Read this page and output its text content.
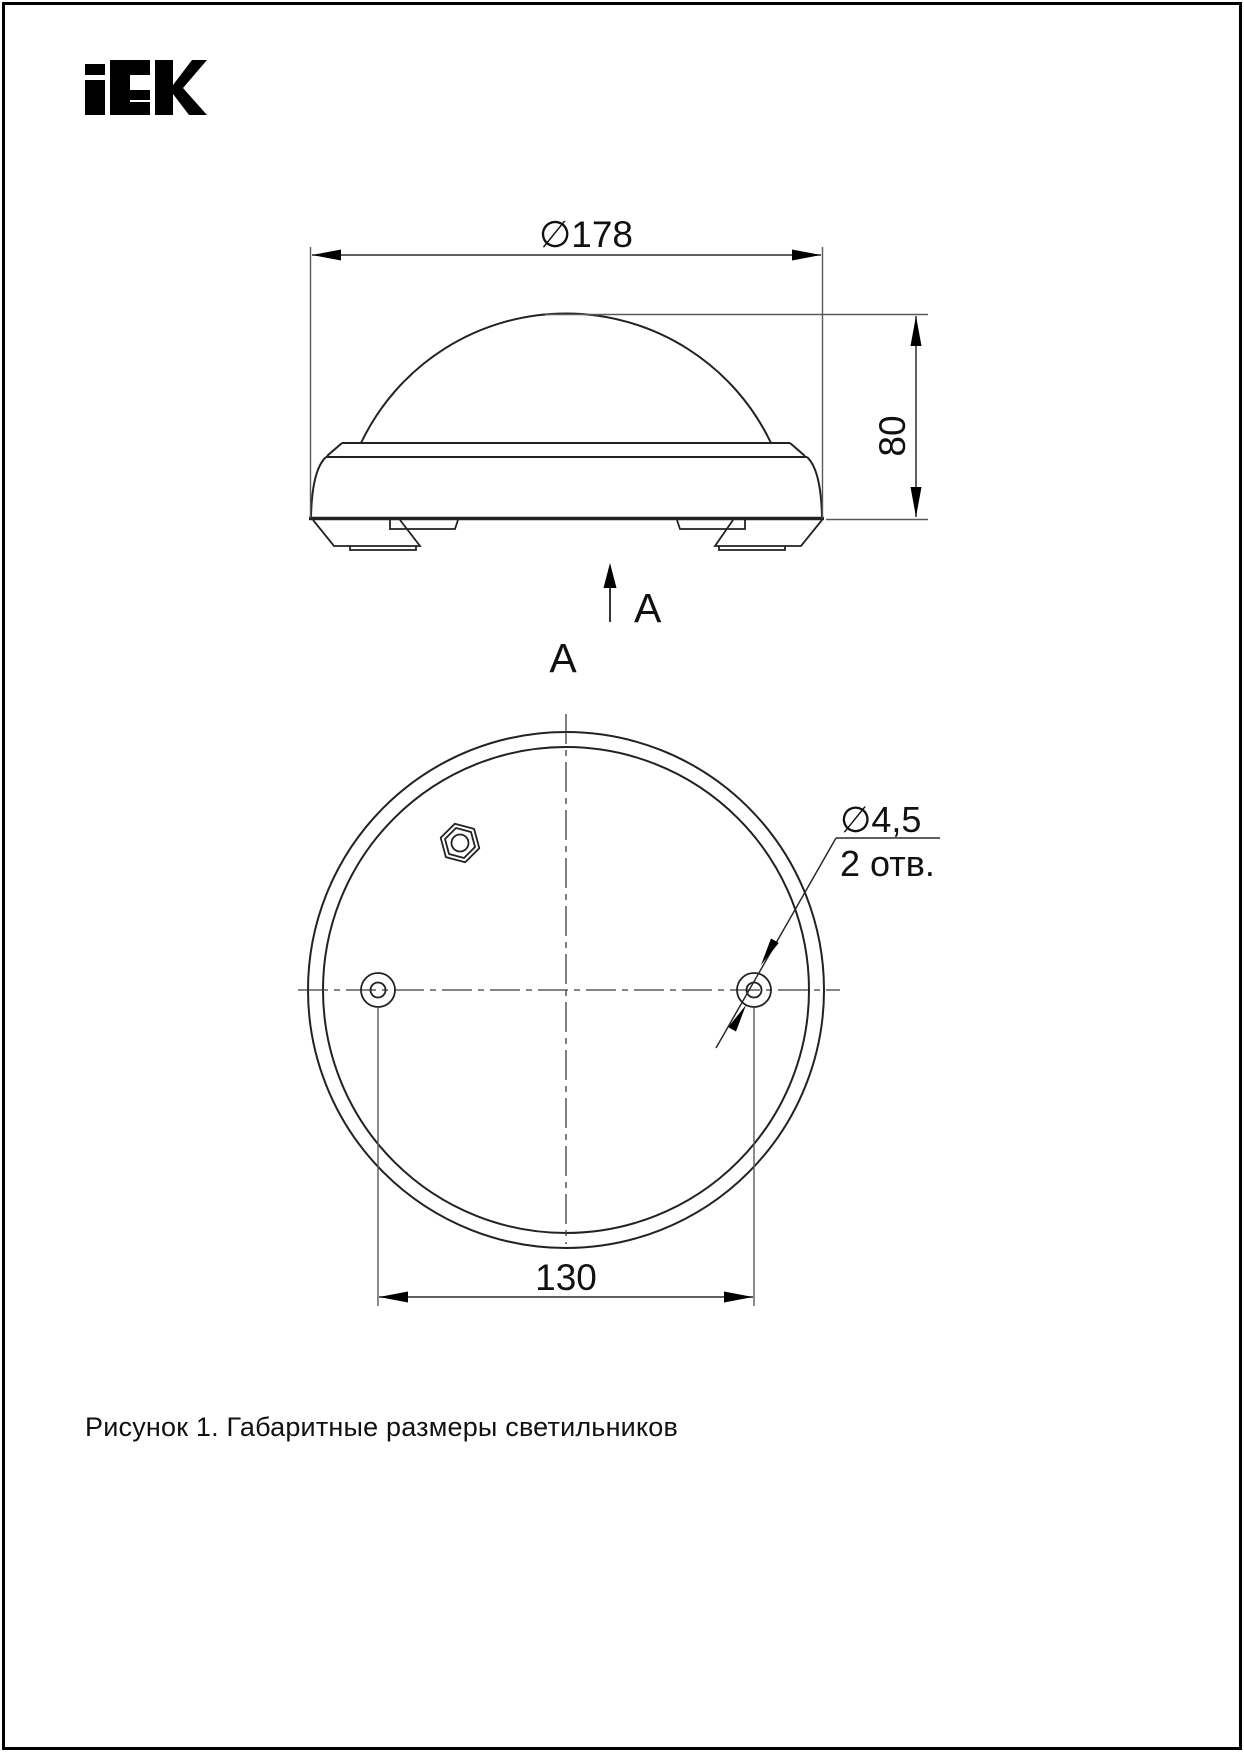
∅178
80
A
A
∅4,5
2 отв.
130
Рисунок 1. Габаритные размеры светильников
